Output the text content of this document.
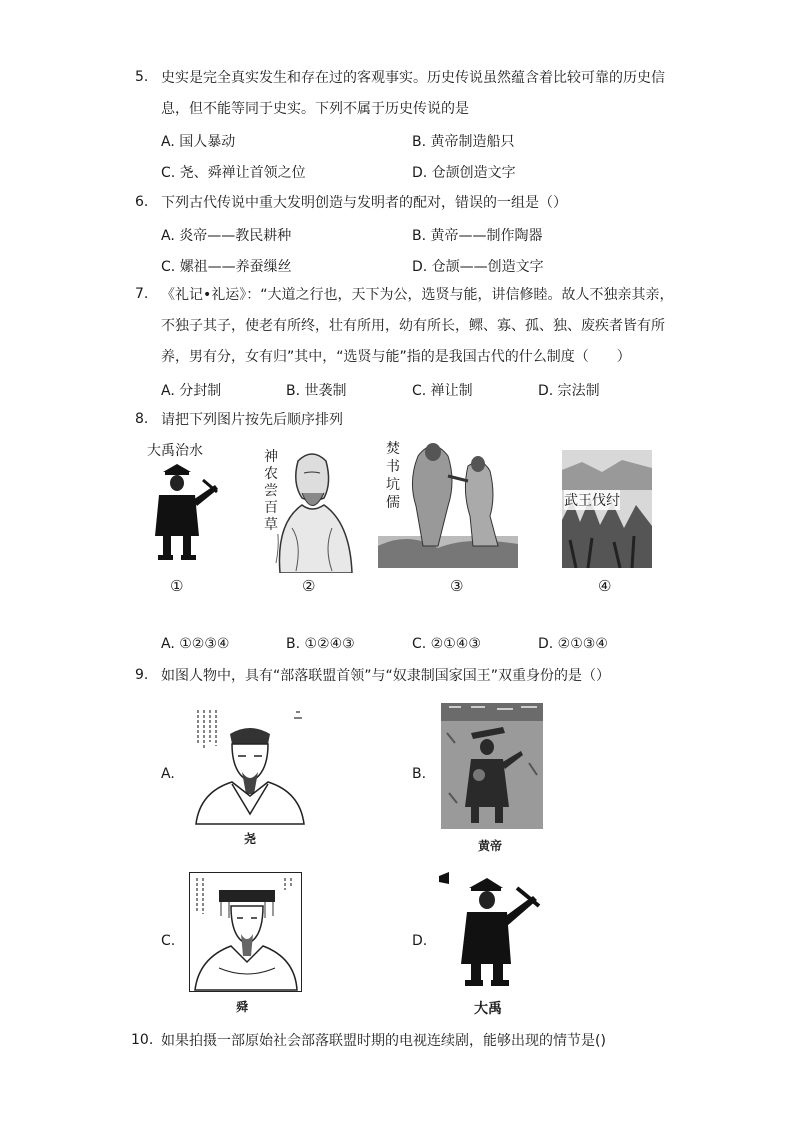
5. 史实是完全真实发生和存在过的客观事实。历史传说虽然蕴含着比较可靠的历史信息，但不能等同于史实。下列不属于历史传说的是
A. 国人暴动	B. 黄帝制造船只
C. 尧、舜禅让首领之位	D. 仓颉创造文字
6. 下列古代传说中重大发明创造与发明者的配对，错误的一组是（）
A. 炎帝——教民耕种	B. 黄帝——制作陶器
C. 嫘祖——养蚕缫丝	D. 仓颉——创造文字
7. 《礼记•礼运》：“大道之行也，天下为公，选贤与能，讲信修睦。故人不独亲其亲，不独子其子，使老有所终，壮有所用，幼有所长，鳏、寡、孤、独、废疾者皆有所养，男有分，女有归”其中，“选贤与能”指的是我国古代的什么制度（　　）
A. 分封制	B. 世袭制	C. 禅让制	D. 宗法制
8. 请把下列图片按先后顺序排列
大禹治水
①
神农尝百草
②
焚书坑儒
③
武王伐纣
④
A. ①②③④	B. ①②④③	C. ②①④③	D. ②①③④
9. 如图人物中，具有“部落联盟首领”与“奴隶制国家国王”双重身份的是（）
A.
尧
B.
黄帝
C.
舜
D.
大禹
10. 如果拍摄一部原始社会部落联盟时期的电视连续剧，能够出现的情节是()
